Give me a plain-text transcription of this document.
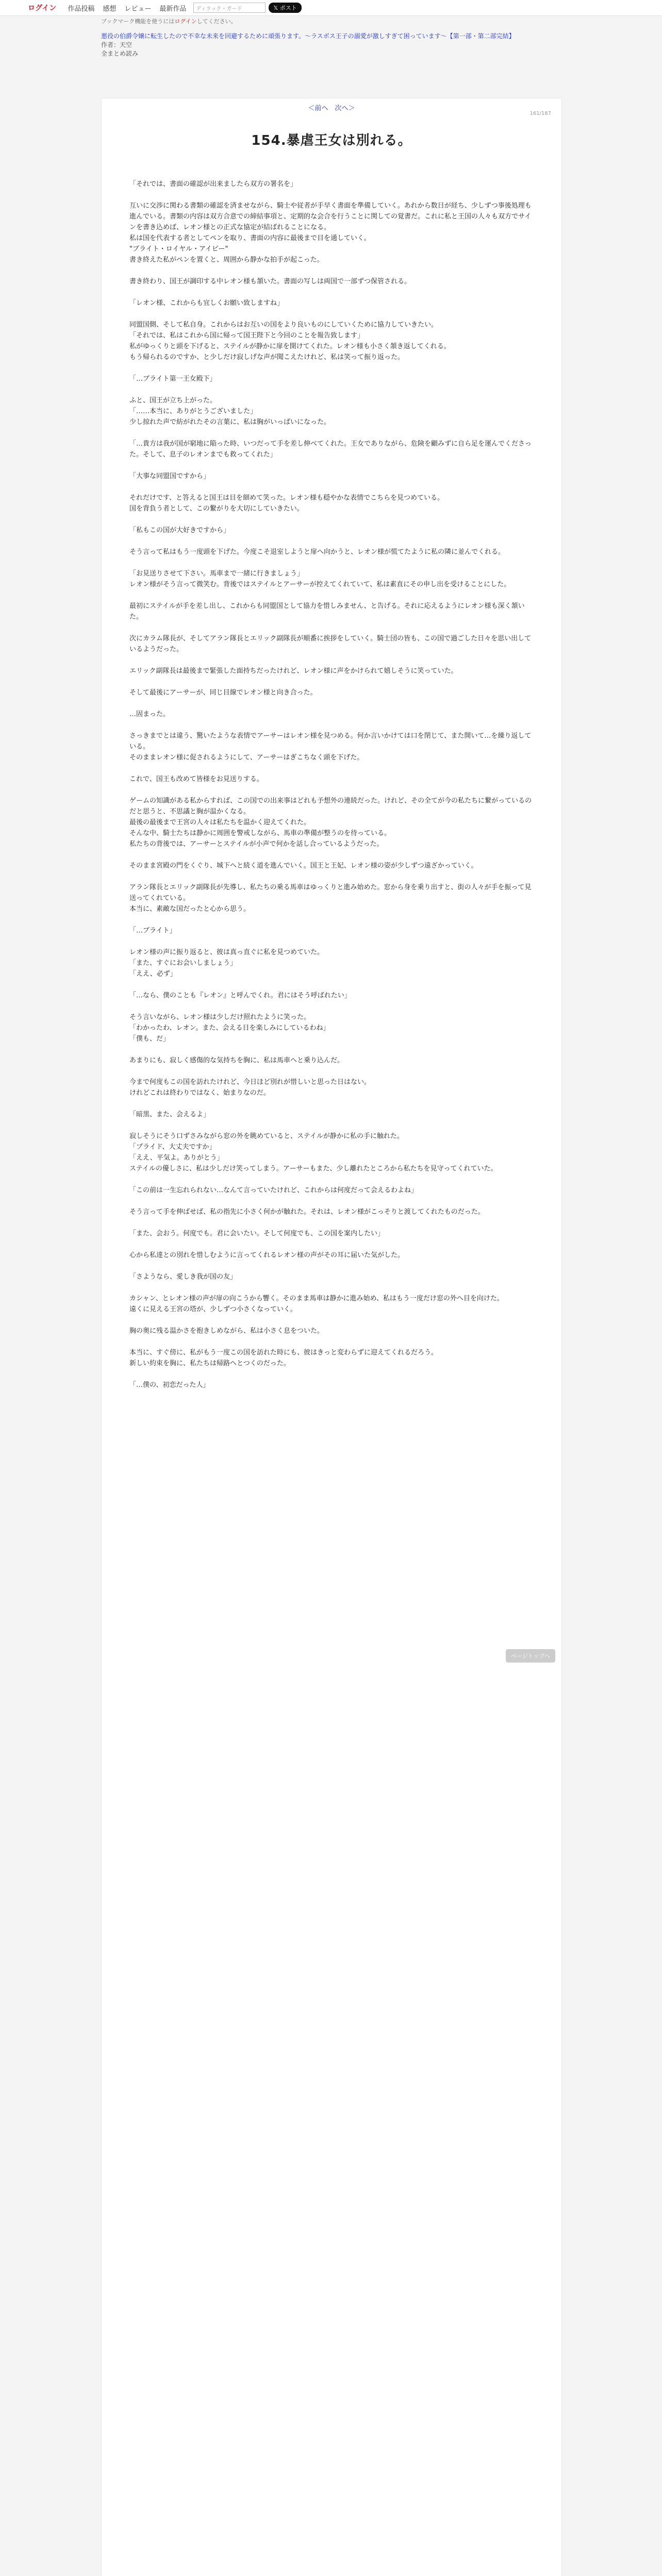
ログイン 作品投稿 感想 レビュー 最新作品	ディラック・ガード	𝕏 ポスト
ブックマーク機能を使うにはログインしてください。
悪役の伯爵令嬢に転生したので不幸な未来を回避するために頑張ります。〜ラスボス王子の溺愛が激しすぎて困っています〜【第一部・第二部完結】
作者：天空
全まとめ読み
＜前へ　次へ＞
161/187
154.暴虐王女は別れる。

「それでは、書面の確認が出来ましたら双方の署名を」

互いに交渉に関わる書類の確認を済ませながら、騎士や従者が手早く書面を準備していく。あれから数日が経ち、少しずつ事後処理も進んでいる。書類の内容は双方合意での締結事項と、定期的な会合を行うことに関しての覚書だ。これに私と王国の人々も双方でサインを書き込めば、レオン様との正式な協定が結ばれることになる。
私は国を代表する者としてペンを取り、書面の内容に最後まで目を通していく。
"ブライト・ロイヤル・アイビー"
書き終えた私がペンを置くと、周囲から静かな拍手が起こった。

書き終わり、国王が調印する中レオン様も頷いた。書面の写しは両国で一部ずつ保管される。

「レオン様、これからも宜しくお願い致しますね」

同盟国側、そして私自身。これからはお互いの国をより良いものにしていくために協力していきたい。
「それでは、私はこれから国に帰って国王陛下と今回のことを報告致します」
私がゆっくりと頭を下げると、ステイルが静かに扉を開けてくれた。レオン様も小さく頷き返してくれる。
もう帰られるのですか、と少しだけ寂しげな声が聞こえたけれど、私は笑って振り返った。

「…ブライト第一王女殿下」

ふと、国王が立ち上がった。
「……本当に、ありがとうございました」
少し掠れた声で紡がれたその言葉に、私は胸がいっぱいになった。

「…貴方は我が国が窮地に陥った時、いつだって手を差し伸べてくれた。王女でありながら、危険を顧みずに自ら足を運んでくださった。そして、息子のレオンまでも救ってくれた」

「大事な同盟国ですから」

それだけです、と答えると国王は目を細めて笑った。レオン様も穏やかな表情でこちらを見つめている。
国を背負う者として、この繋がりを大切にしていきたい。

「私もこの国が大好きですから」

そう言って私はもう一度頭を下げた。今度こそ退室しようと扉へ向かうと、レオン様が慌てたように私の隣に並んでくれる。

「お見送りさせて下さい。馬車まで一緒に行きましょう」
レオン様がそう言って微笑む。背後ではステイルとアーサーが控えてくれていて、私は素直にその申し出を受けることにした。

最初にステイルが手を差し出し、これからも同盟国として協力を惜しみません、と告げる。それに応えるようにレオン様も深く頷いた。

次にカラム隊長が、そしてアラン隊長とエリック副隊長が順番に挨拶をしていく。騎士団の皆も、この国で過ごした日々を思い出しているようだった。

エリック副隊長は最後まで緊張した面持ちだったけれど、レオン様に声をかけられて嬉しそうに笑っていた。

そして最後にアーサーが、同じ目線でレオン様と向き合った。

…固まった。

さっきまでとは違う、驚いたような表情でアーサーはレオン様を見つめる。何か言いかけては口を閉じて、また開いて…を繰り返している。
そのままレオン様に促されるようにして、アーサーはぎこちなく頭を下げた。

これで、国王も改めて皆様をお見送りする。

ゲームの知識がある私からすれば、この国での出来事はどれも予想外の連続だった。けれど、その全てが今の私たちに繋がっているのだと思うと、不思議と胸が温かくなる。
最後の最後まで王宮の人々は私たちを温かく迎えてくれた。
そんな中、騎士たちは静かに周囲を警戒しながら、馬車の準備が整うのを待っている。
私たちの背後では、アーサーとステイルが小声で何かを話し合っているようだった。

そのまま宮殿の門をくぐり、城下へと続く道を進んでいく。国王と王妃、レオン様の姿が少しずつ遠ざかっていく。

アラン隊長とエリック副隊長が先導し、私たちの乗る馬車はゆっくりと進み始めた。窓から身を乗り出すと、街の人々が手を振って見送ってくれている。
本当に、素敵な国だったと心から思う。

「…ブライト」

レオン様の声に振り返ると、彼は真っ直ぐに私を見つめていた。
「また、すぐにお会いしましょう」
「ええ、必ず」

「…なら、僕のことも『レオン』と呼んでくれ。君にはそう呼ばれたい」

そう言いながら、レオン様は少しだけ照れたように笑った。
「わかったわ、レオン。また、会える日を楽しみにしているわね」
「僕も、だ」

あまりにも、寂しく感傷的な気持ちを胸に、私は馬車へと乗り込んだ。

今まで何度もこの国を訪れたけれど、今日ほど別れが惜しいと思った日はない。
けれどこれは終わりではなく、始まりなのだ。

「暗黒、また、会えるよ」

寂しそうにそう口ずさみながら窓の外を眺めていると、ステイルが静かに私の手に触れた。
「プライド、大丈夫ですか」
「ええ、平気よ。ありがとう」
ステイルの優しさに、私は少しだけ笑ってしまう。アーサーもまた、少し離れたところから私たちを見守ってくれていた。

「この前は一生忘れられない…なんて言っていたけれど、これからは何度だって会えるわよね」

そう言って手を伸ばせば、私の指先に小さく何かが触れた。それは、レオン様がこっそりと渡してくれたものだった。

「また、会おう。何度でも。君に会いたい。そして何度でも、この国を案内したい」

心から私達との別れを惜しむように言ってくれるレオン様の声がその耳に届いた気がした。

「さようなら、愛しき我が国の友」

カシャン、とレオン様の声が扉の向こうから響く。そのまま馬車は静かに進み始め、私はもう一度だけ窓の外へ目を向けた。
遠くに見える王宮の塔が、少しずつ小さくなっていく。

胸の奥に残る温かさを抱きしめながら、私は小さく息をついた。

本当に、すぐ傍に、私がもう一度この国を訪れた時にも、彼はきっと変わらずに迎えてくれるだろう。
新しい約束を胸に、私たちは帰路へとつくのだった。

「…僕の、初恋だった人」

ページトップへ
